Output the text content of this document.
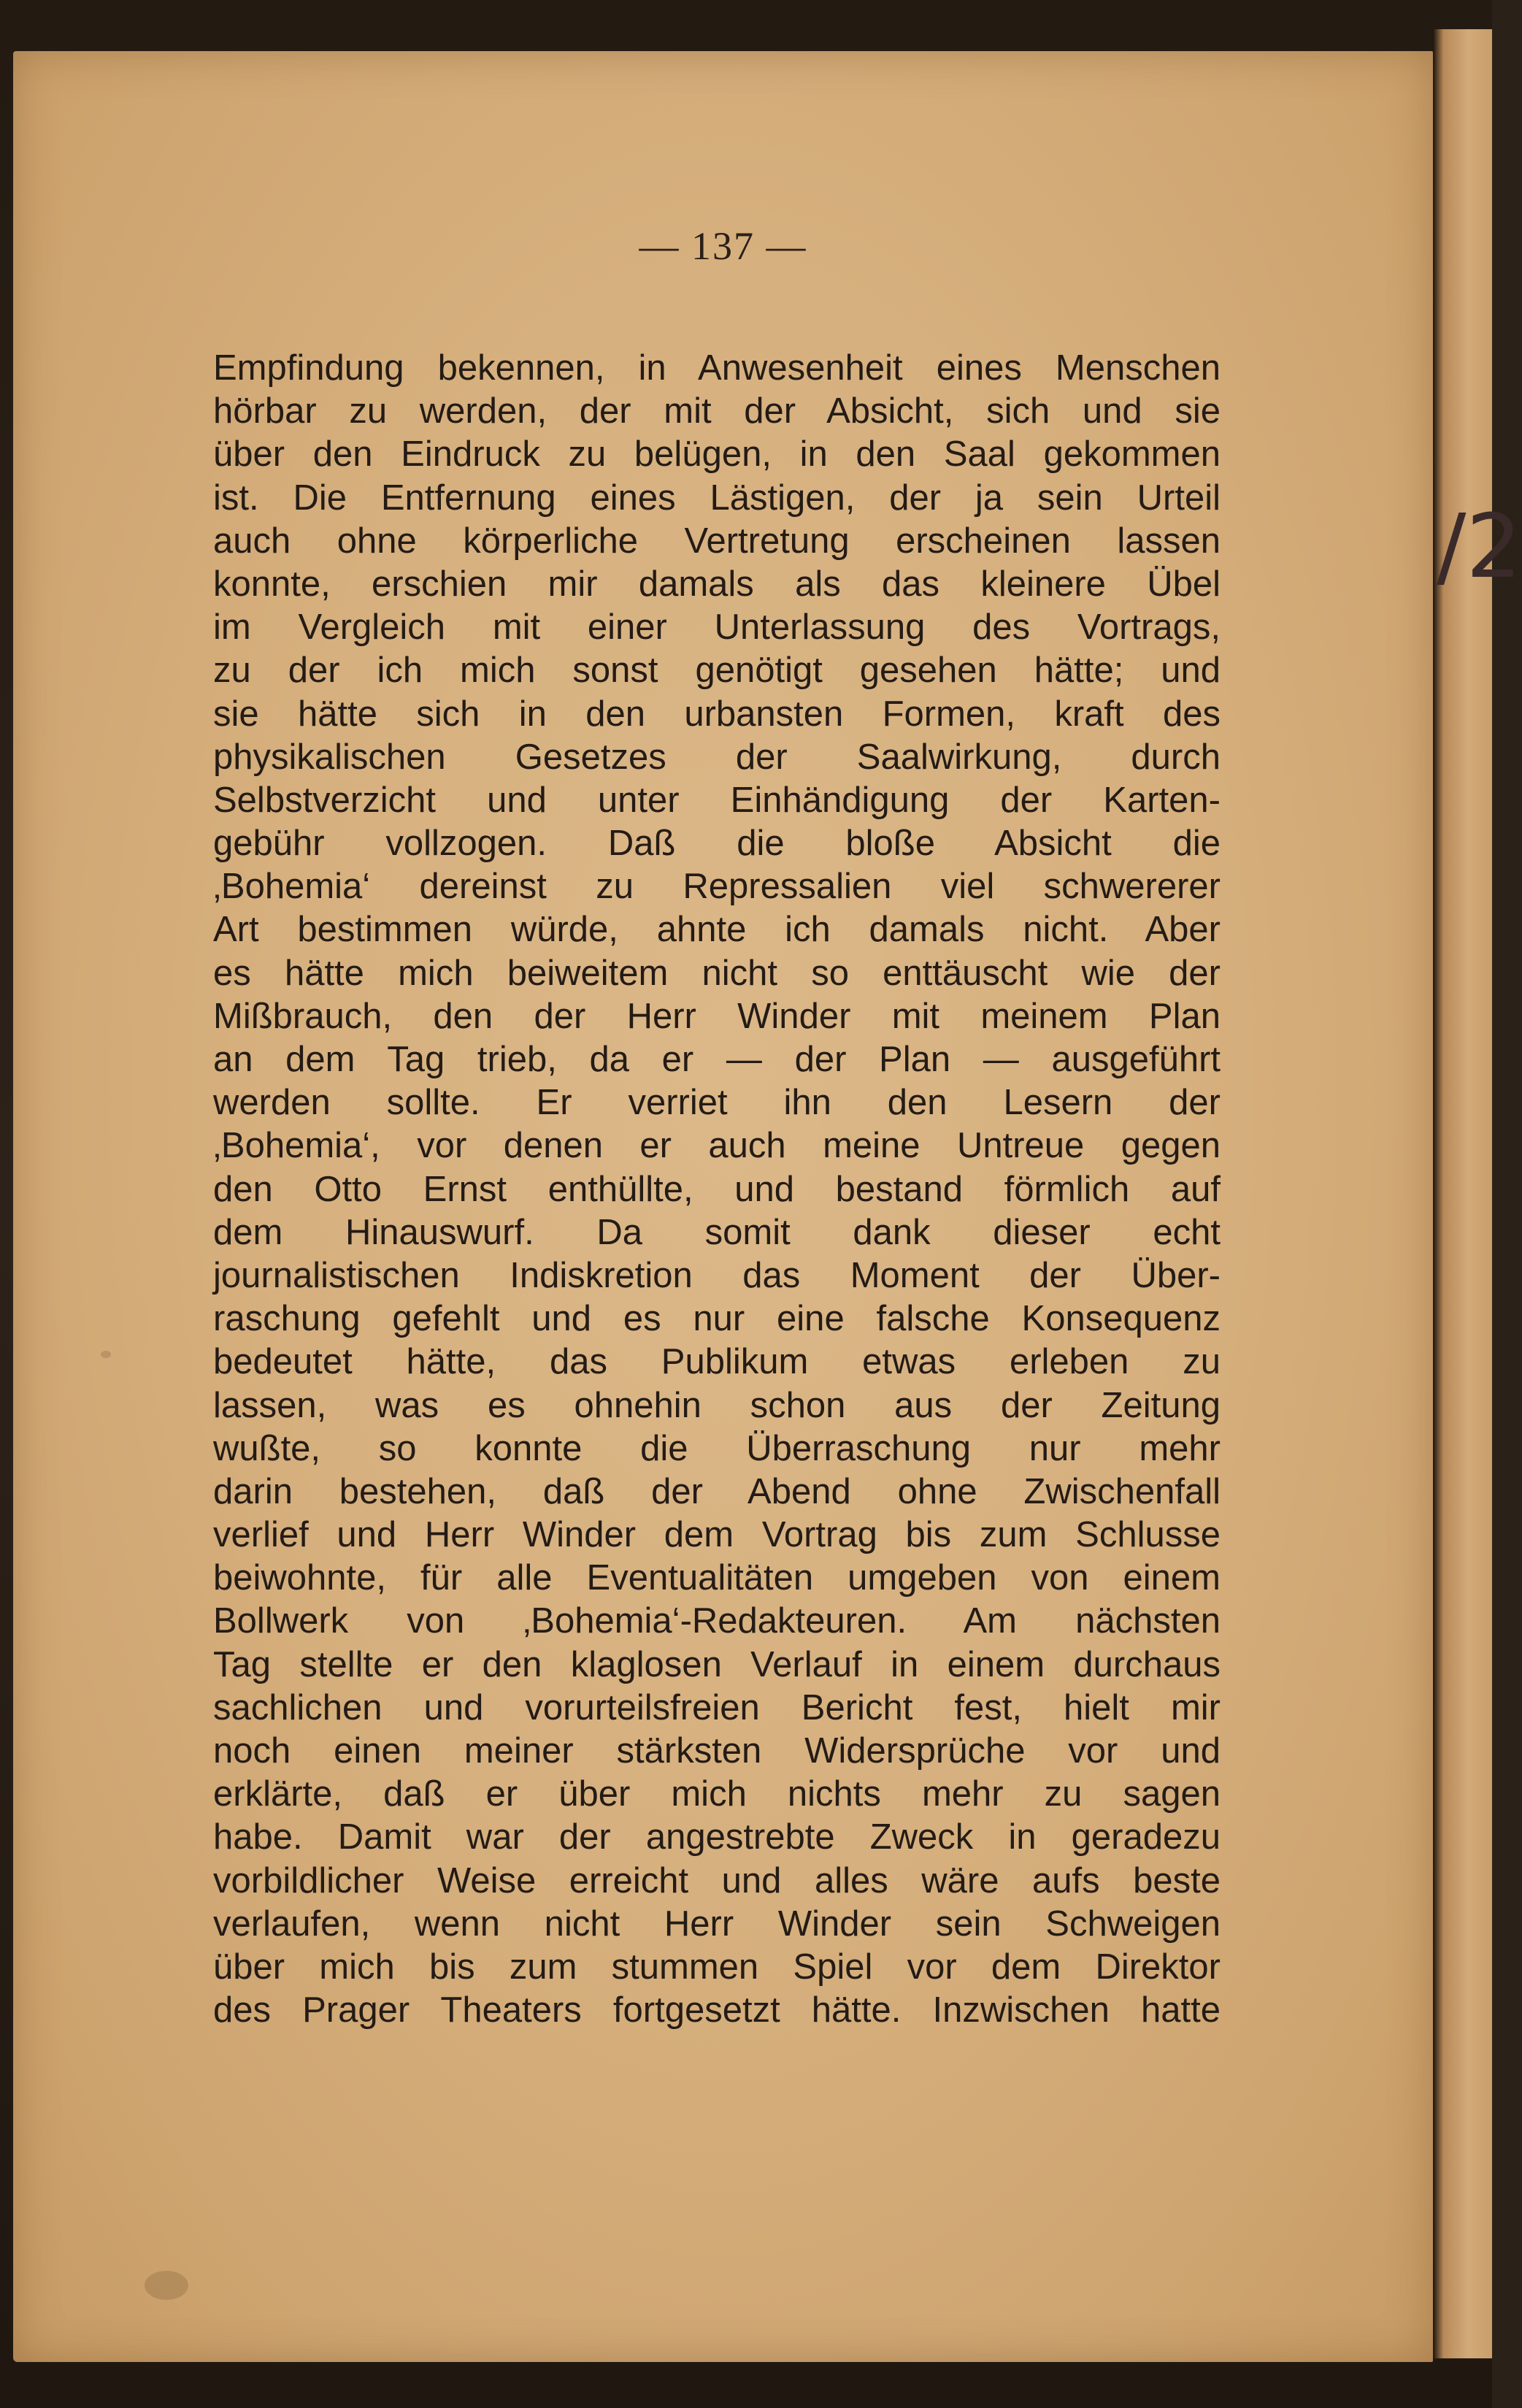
/2
— 137 —
Empfindung bekennen, in Anwesenheit eines Menschen
hörbar zu werden, der mit der Absicht, sich und sie
über den Eindruck zu belügen, in den Saal gekommen
ist. Die Entfernung eines Lästigen, der ja sein Urteil
auch ohne körperliche Vertretung erscheinen lassen
konnte, erschien mir damals als das kleinere Übel
im Vergleich mit einer Unterlassung des Vortrags,
zu der ich mich sonst genötigt gesehen hätte; und
sie hätte sich in den urbansten Formen, kraft des
physikalischen Gesetzes der Saalwirkung, durch
Selbstverzicht und unter Einhändigung der Karten-
gebühr vollzogen. Daß die bloße Absicht die
‚Bohemia‘ dereinst zu Repressalien viel schwererer
Art bestimmen würde, ahnte ich damals nicht. Aber
es hätte mich beiweitem nicht so enttäuscht wie der
Mißbrauch, den der Herr Winder mit meinem Plan
an dem Tag trieb, da er — der Plan — ausgeführt
werden sollte. Er verriet ihn den Lesern der
‚Bohemia‘, vor denen er auch meine Untreue gegen
den Otto Ernst enthüllte, und bestand förmlich auf
dem Hinauswurf. Da somit dank dieser echt
journalistischen Indiskretion das Moment der Über-
raschung gefehlt und es nur eine falsche Konsequenz
bedeutet hätte, das Publikum etwas erleben zu
lassen, was es ohnehin schon aus der Zeitung
wußte, so konnte die Überraschung nur mehr
darin bestehen, daß der Abend ohne Zwischenfall
verlief und Herr Winder dem Vortrag bis zum Schlusse
beiwohnte, für alle Eventualitäten umgeben von einem
Bollwerk von ‚Bohemia‘-Redakteuren. Am nächsten
Tag stellte er den klaglosen Verlauf in einem durchaus
sachlichen und vorurteilsfreien Bericht fest, hielt mir
noch einen meiner stärksten Widersprüche vor und
erklärte, daß er über mich nichts mehr zu sagen
habe. Damit war der angestrebte Zweck in geradezu
vorbildlicher Weise erreicht und alles wäre aufs beste
verlaufen, wenn nicht Herr Winder sein Schweigen
über mich bis zum stummen Spiel vor dem Direktor
des Prager Theaters fortgesetzt hätte. Inzwischen hatte
